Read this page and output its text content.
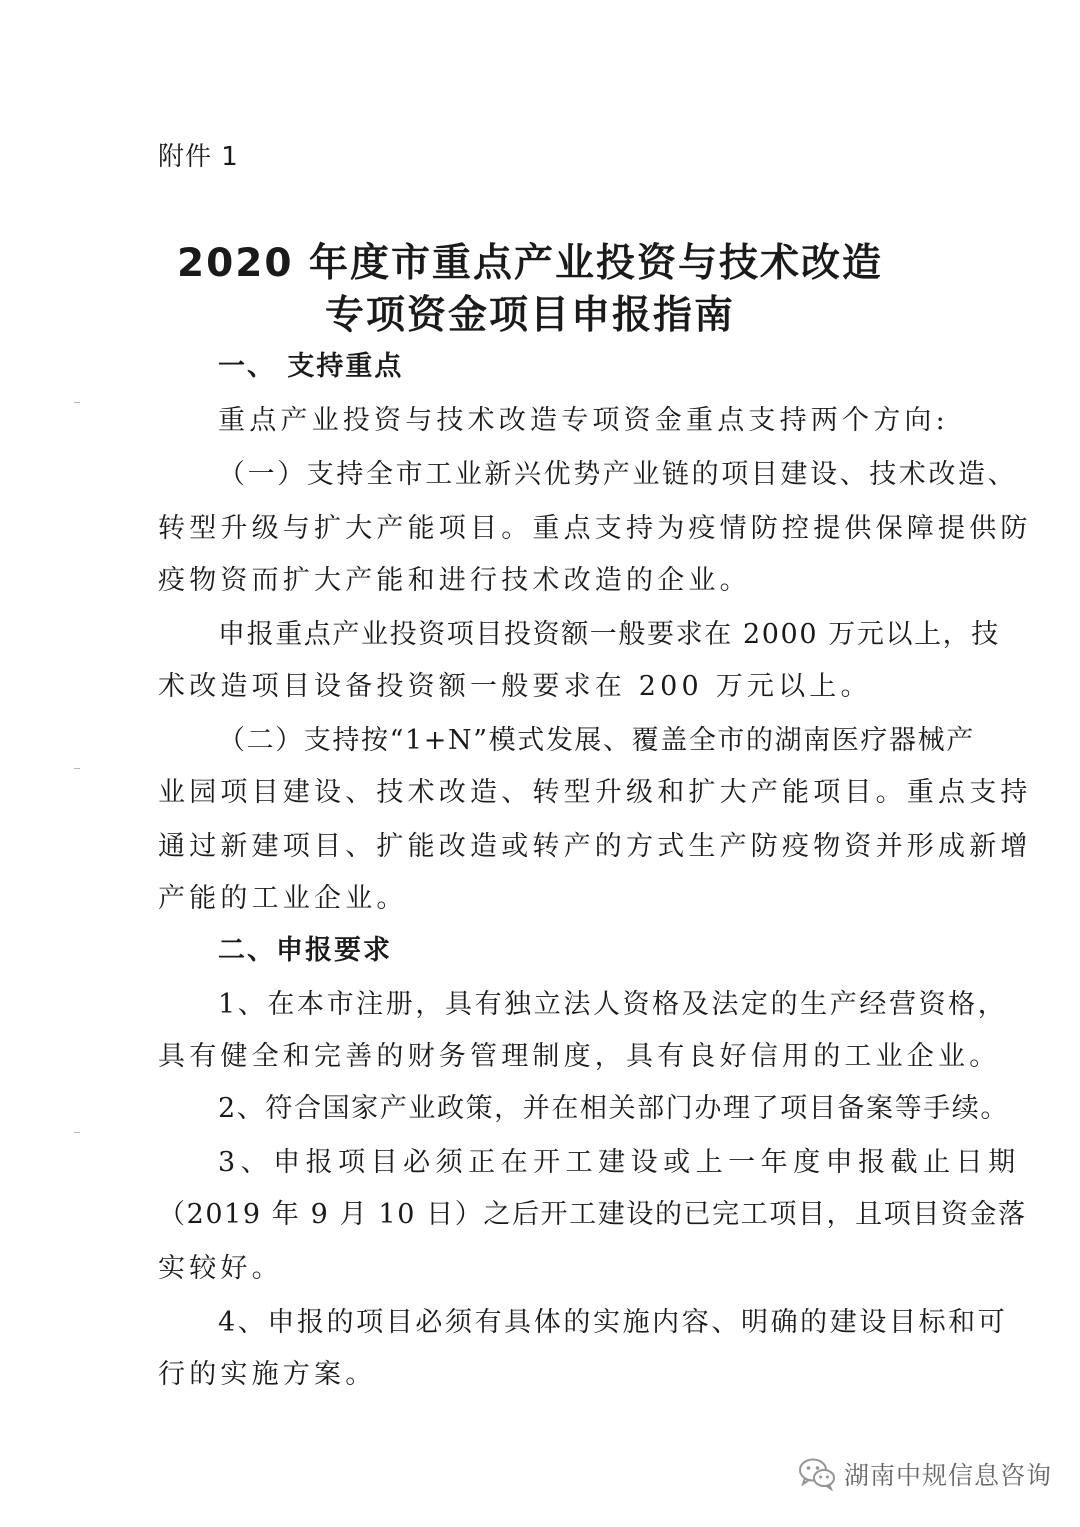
附件 1
2020 年度市重点产业投资与技术改造
专项资金项目申报指南
一、 支持重点
重点产业投资与技术改造专项资金重点支持两个方向:
（一）支持全市工业新兴优势产业链的项目建设、技术改造、
转型升级与扩大产能项目。重点支持为疫情防控提供保障提供防
疫物资而扩大产能和进行技术改造的企业。
申报重点产业投资项目投资额一般要求在 2000 万元以上，技
术改造项目设备投资额一般要求在 200 万元以上。
（二）支持按“1+N”模式发展、覆盖全市的湖南医疗器械产
业园项目建设、技术改造、转型升级和扩大产能项目。重点支持
通过新建项目、扩能改造或转产的方式生产防疫物资并形成新增
产能的工业企业。
二、申报要求
1、在本市注册，具有独立法人资格及法定的生产经营资格，
具有健全和完善的财务管理制度，具有良好信用的工业企业。
2、符合国家产业政策，并在相关部门办理了项目备案等手续。
3、申报项目必须正在开工建设或上一年度申报截止日期
（2019 年 9 月 10 日）之后开工建设的已完工项目，且项目资金落
实较好。
4、申报的项目必须有具体的实施内容、明确的建设目标和可
行的实施方案。
湖南中规信息咨询
